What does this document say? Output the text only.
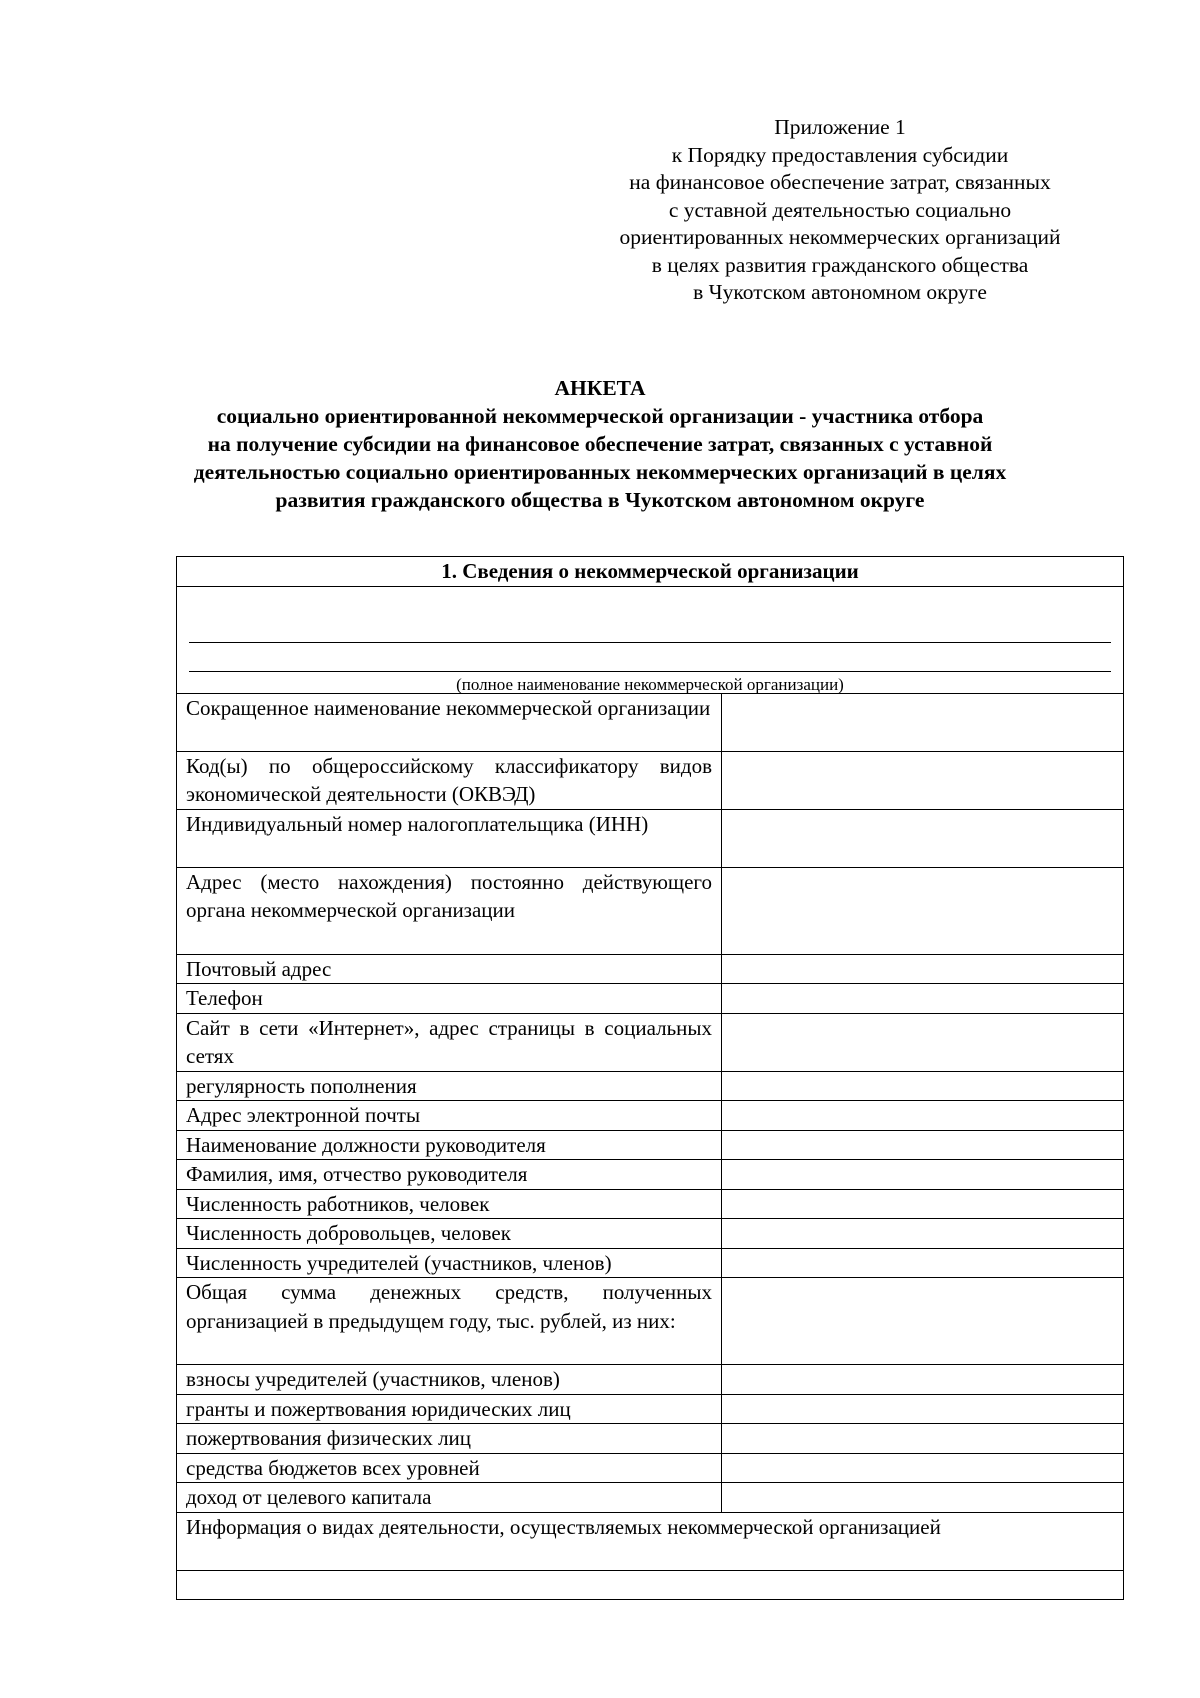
Приложение 1
к Порядку предоставления субсидии
на финансовое обеспечение затрат, связанных
с уставной деятельностью социально
ориентированных некоммерческих организаций
в целях развития гражданского общества
в Чукотском автономном округе
АНКЕТА
социально ориентированной некоммерческой организации - участника отбора
на получение субсидии на финансовое обеспечение затрат, связанных с уставной
деятельностью социально ориентированных некоммерческих организаций в целях
развития гражданского общества в Чукотском автономном округе
1. Сведения о некоммерческой организации	

(полное наименование некоммерческой организации)	

Сокращенное наименование некоммерческой организации	
Код(ы) по общероссийскому классификатору видов экономической деятельности (ОКВЭД)	
Индивидуальный номер налогоплательщика (ИНН)	
Адрес (место нахождения) постоянно действующего органа некоммерческой организации	
Почтовый адрес	
Телефон	
Сайт в сети «Интернет», адрес страницы в социальных сетях	
регулярность пополнения	
Адрес электронной почты	
Наименование должности руководителя	
Фамилия, имя, отчество руководителя	
Численность работников, человек	
Численность добровольцев, человек	
Численность учредителей (участников, членов)	
Общая сумма денежных средств, полученных организацией в предыдущем году, тыс. рублей, из них:	
взносы учредителей (участников, членов)	
гранты и пожертвования юридических лиц	
пожертвования физических лиц	
средства бюджетов всех уровней	
доход от целевого капитала	
Информация о видах деятельности, осуществляемых некоммерческой организацией	
